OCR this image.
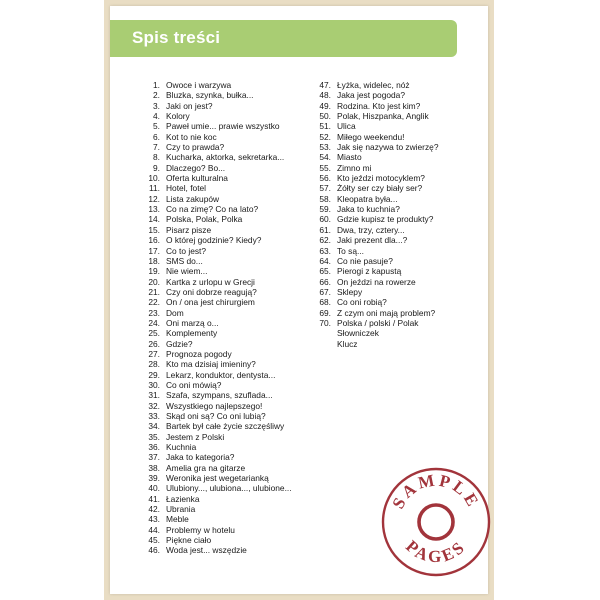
Spis treści
1. Owoce i warzywa
2. Bluzka, szynka, bułka...
3. Jaki on jest?
4. Kolory
5. Paweł umie... prawie wszystko
6. Kot to nie koc
7. Czy to prawda?
8. Kucharka, aktorka, sekretarka...
9. Dlaczego? Bo...
10. Oferta kulturalna
11. Hotel, fotel
12. Lista zakupów
13. Co na zimę? Co na lato?
14. Polska, Polak, Polka
15. Pisarz pisze
16. O której godzinie? Kiedy?
17. Co to jest?
18. SMS do...
19. Nie wiem...
20. Kartka z urlopu w Grecji
21. Czy oni dobrze reagują?
22. On / ona jest chirurgiem
23. Dom
24. Oni marzą o...
25. Komplementy
26. Gdzie?
27. Prognoza pogody
28. Kto ma dzisiaj imieniny?
29. Lekarz, konduktor, dentysta...
30. Co oni mówią?
31. Szafa, szympans, szuflada...
32. Wszystkiego najlepszego!
33. Skąd oni są? Co oni lubią?
34. Bartek był całe życie szczęśliwy
35. Jestem z Polski
36. Kuchnia
37. Jaka to kategoria?
38. Amelia gra na gitarze
39. Weronika jest wegetarianką
40. Ulubiony..., ulubiona..., ulubione...
41. Łazienka
42. Ubrania
43. Meble
44. Problemy w hotelu
45. Piękne ciało
46. Woda jest... wszędzie
47. Łyżka, widelec, nóż
48. Jaka jest pogoda?
49. Rodzina. Kto jest kim?
50. Polak, Hiszpanka, Anglik
51. Ulica
52. Miłego weekendu!
53. Jak się nazywa to zwierzę?
54. Miasto
55. Zimno mi
56. Kto jeździ motocyklem?
57. Żółty ser czy biały ser?
58. Kleopatra była...
59. Jaka to kuchnia?
60. Gdzie kupisz te produkty?
61. Dwa, trzy, cztery...
62. Jaki prezent dla...?
63. To są...
64. Co nie pasuje?
65. Pierogi z kapustą
66. On jeździ na rowerze
67. Sklepy
68. Co oni robią?
69. Z czym oni mają problem?
70. Polska / polski / Polak
Słowniczek
Klucz
SAMPLE
PAGES
